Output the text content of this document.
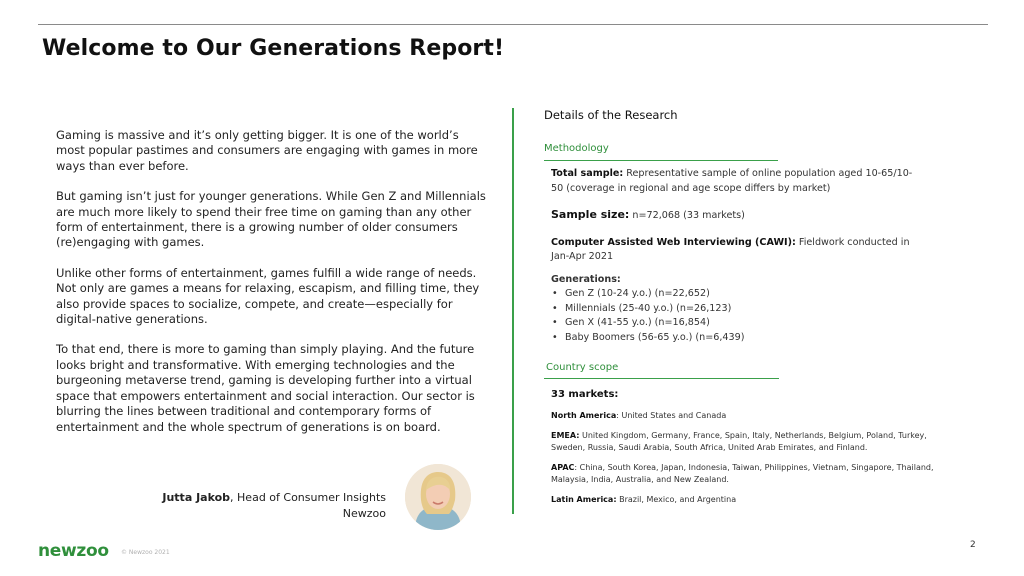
Welcome to Our Generations Report!

Gaming is massive and it’s only getting bigger. It is one of the world’s most popular pastimes and consumers are engaging with games in more ways than ever before.

But gaming isn’t just for younger generations. While Gen Z and Millennials are much more likely to spend their free time on gaming than any other form of entertainment, there is a growing number of older consumers (re)engaging with games.

Unlike other forms of entertainment, games fulfill a wide range of needs. Not only are games a means for relaxing, escapism, and filling time, they also provide spaces to socialize, compete, and create—especially for digital-native generations.

To that end, there is more to gaming than simply playing. And the future looks bright and transformative. With emerging technologies and the burgeoning metaverse trend, gaming is developing further into a virtual space that empowers entertainment and social interaction. Our sector is blurring the lines between traditional and contemporary forms of entertainment and the whole spectrum of generations is on board.

Jutta Jakob, Head of Consumer Insights
Newzoo
Details of the Research
Methodology
Total sample: Representative sample of online population aged 10-65/10-50 (coverage in regional and age scope differs by market)
Sample size: n=72,068 (33 markets)
Computer Assisted Web Interviewing (CAWI): Fieldwork conducted in Jan-Apr 2021
Generations:
• Gen Z (10-24 y.o.) (n=22,652)
• Millennials (25-40 y.o.) (n=26,123)
• Gen X (41-55 y.o.) (n=16,854)
• Baby Boomers (56-65 y.o.) (n=6,439)
Country scope
33 markets:
North America: United States and Canada
EMEA: United Kingdom, Germany, France, Spain, Italy, Netherlands, Belgium, Poland, Turkey, Sweden, Russia, Saudi Arabia, South Africa, United Arab Emirates, and Finland.
APAC: China, South Korea, Japan, Indonesia, Taiwan, Philippines, Vietnam, Singapore, Thailand, Malaysia, India, Australia, and New Zealand.
Latin America: Brazil, Mexico, and Argentina
newzoo © Newzoo 2021
2
